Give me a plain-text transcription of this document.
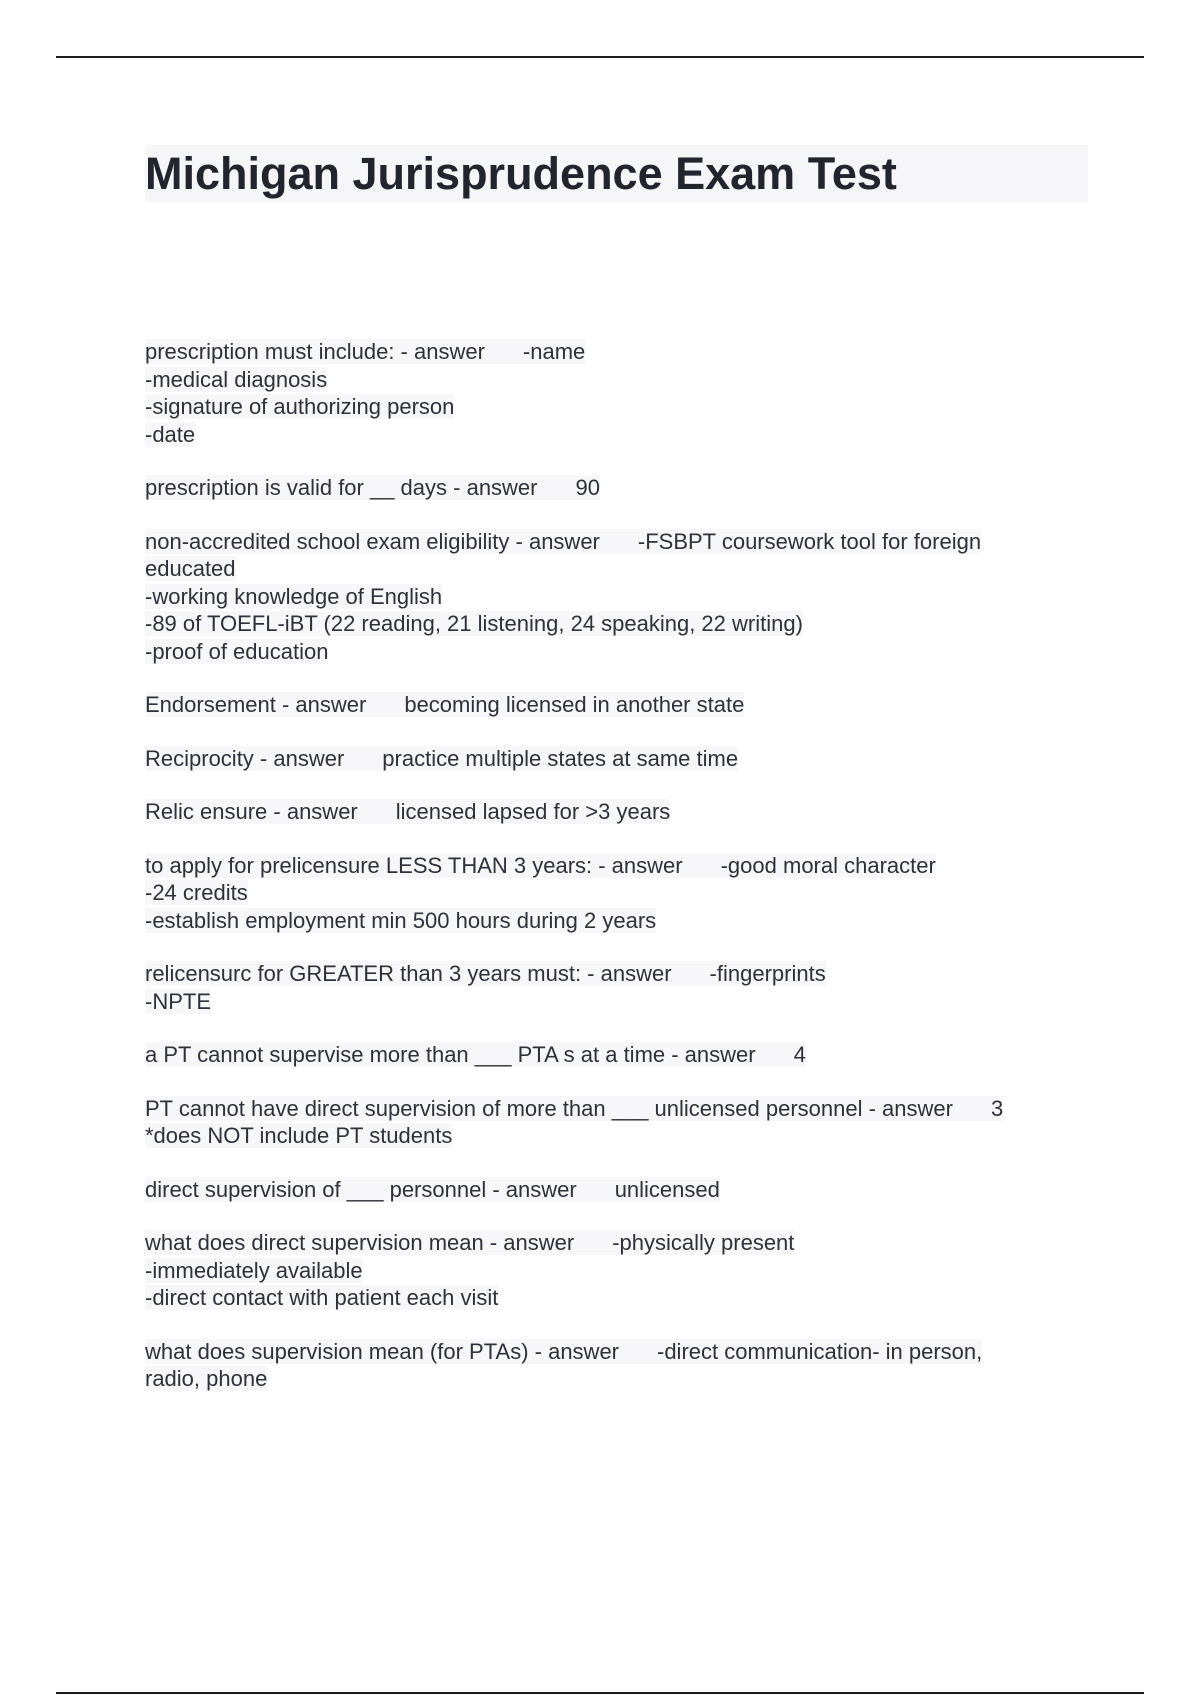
Michigan Jurisprudence Exam Test
prescription must include: - answer -name
-medical diagnosis
-signature of authorizing person
-date
prescription is valid for __ days - answer 90
non-accredited school exam eligibility - answer -FSBPT coursework tool for foreign
educated
-working knowledge of English
-89 of TOEFL-iBT (22 reading, 21 listening, 24 speaking, 22 writing)
-proof of education
Endorsement - answer becoming licensed in another state
Reciprocity - answer practice multiple states at same time
Relic ensure - answer licensed lapsed for >3 years
to apply for prelicensure LESS THAN 3 years: - answer -good moral character
-24 credits
-establish employment min 500 hours during 2 years
relicensurc for GREATER than 3 years must: - answer -fingerprints
-NPTE
a PT cannot supervise more than ___ PTA s at a time - answer 4
PT cannot have direct supervision of more than ___ unlicensed personnel - answer 3
*does NOT include PT students
direct supervision of ___ personnel - answer unlicensed
what does direct supervision mean - answer -physically present
-immediately available
-direct contact with patient each visit
what does supervision mean (for PTAs) - answer -direct communication- in person,
radio, phone
